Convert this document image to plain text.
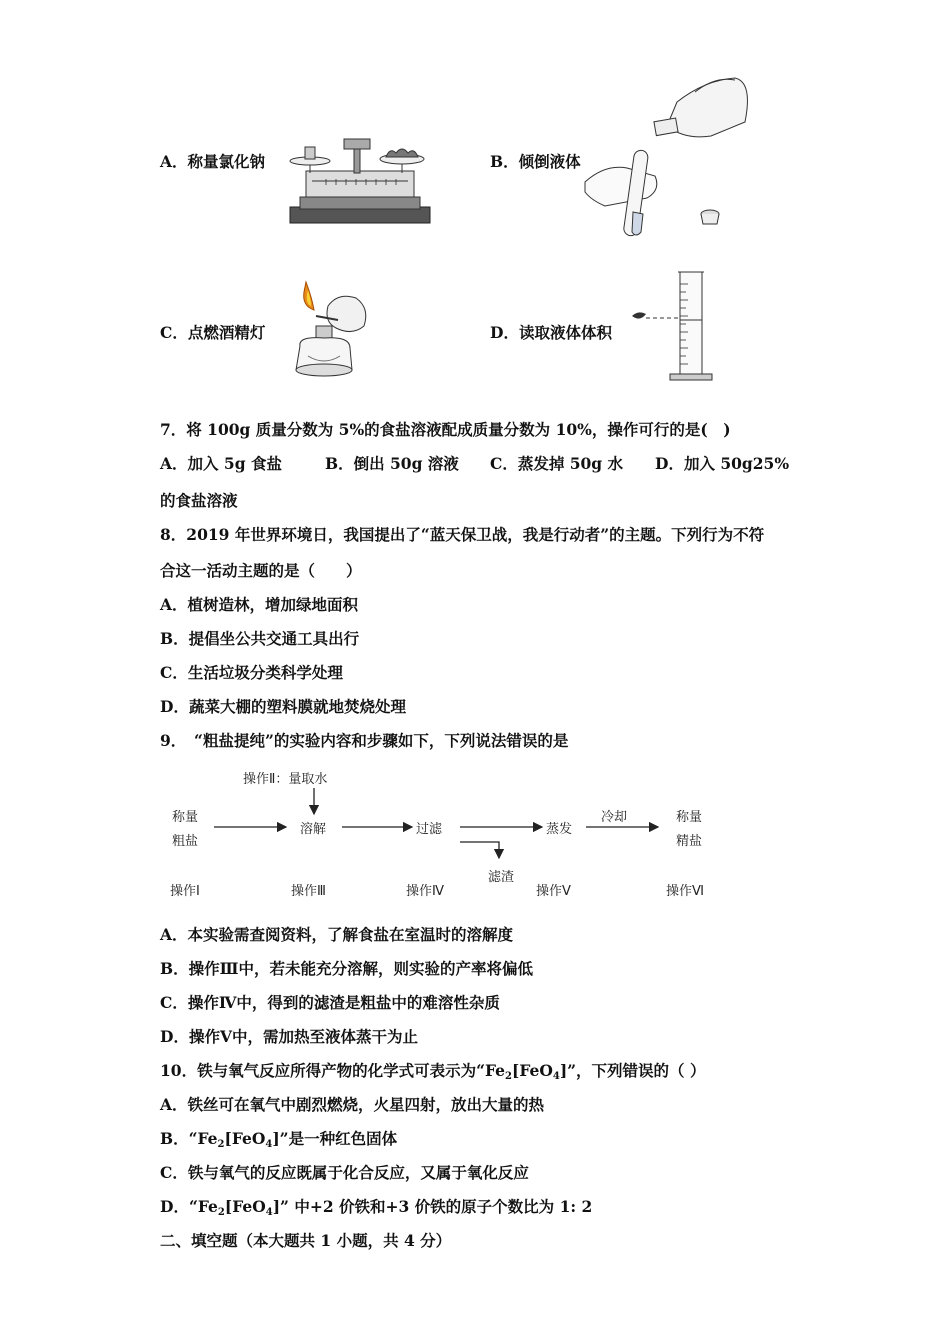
A．称量氯化钠	B．倾倒液体
C．点燃酒精灯	D．读取液体体积
7．将 100g 质量分数为 5%的食盐溶液配成质量分数为 10%，操作可行的是(　)
A．加入 5g 食盐	B．倒出 50g 溶液 C．蒸发掉 50g 水 D．加入 50g25%
的食盐溶液
8．2019 年世界环境日，我国提出了“蓝天保卫战，我是行动者”的主题。下列行为不符
合这一活动主题的是（　　）
A．植树造林，增加绿地面积
B．提倡坐公共交通工具出行
C．生活垃圾分类科学处理
D．蔬菜大棚的塑料膜就地焚烧处理
9．　“粗盐提纯”的实验内容和步骤如下，下列说法错误的是
操作Ⅱ：量取水
称量
粗盐
溶解	过滤	蒸发
冷却	称量
精盐
滤渣
操作Ⅰ	操作Ⅲ	操作Ⅳ	操作Ⅴ	操作Ⅵ
A．本实验需查阅资料，了解食盐在室温时的溶解度
B．操作Ⅲ中，若未能充分溶解，则实验的产率将偏低
C．操作Ⅳ中，得到的滤渣是粗盐中的难溶性杂质
D．操作Ⅴ中，需加热至液体蒸干为止
10．铁与氧气反应所得产物的化学式可表示为“$Fe_2[FeO_4]$”，下列错误的（ ）
A．铁丝可在氧气中剧烈燃烧，火星四射，放出大量的热
B．“$Fe_2[FeO_4]$”是一种红色固体
C．铁与氧气的反应既属于化合反应，又属于氧化反应
D．“$Fe_2[FeO_4]$” 中+2 价铁和+3 价铁的原子个数比为 1: 2
二、填空题（本大题共 1 小题，共 4 分）
